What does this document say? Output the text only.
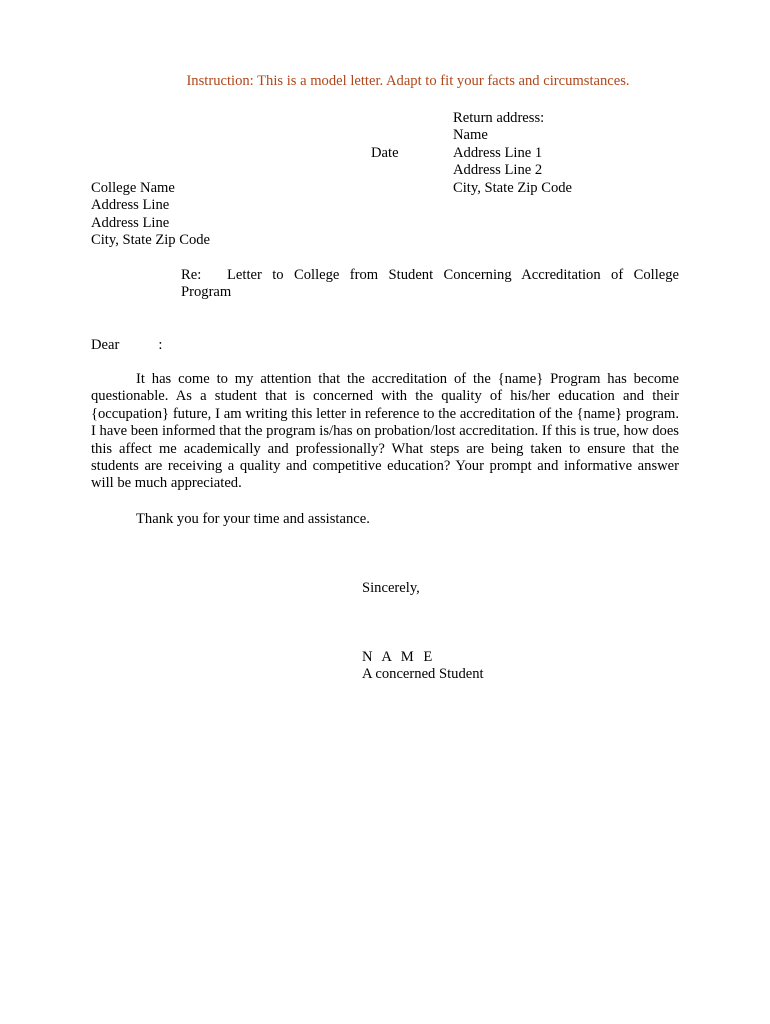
Instruction: This is a model letter. Adapt to fit your facts and circumstances.
Return address:
Name
Address Line 1
Address Line 2
City, State Zip Code
Date
College Name
Address Line
Address Line
City, State Zip Code
Re: Letter to College from Student Concerning Accreditation of College
Program
Dear	:
It has come to my attention that the accreditation of the {name} Program has become questionable. As a student that is concerned with the quality of his/her education and their {occupation} future, I am writing this letter in reference to the accreditation of the {name} program. I have been informed that the program is/has on probation/lost accreditation. If this is true, how does this affect me academically and professionally? What steps are being taken to ensure that the students are receiving a quality and competitive education? Your prompt and informative answer will be much appreciated.
Thank you for your time and assistance.
Sincerely,
N A M E
A concerned Student
